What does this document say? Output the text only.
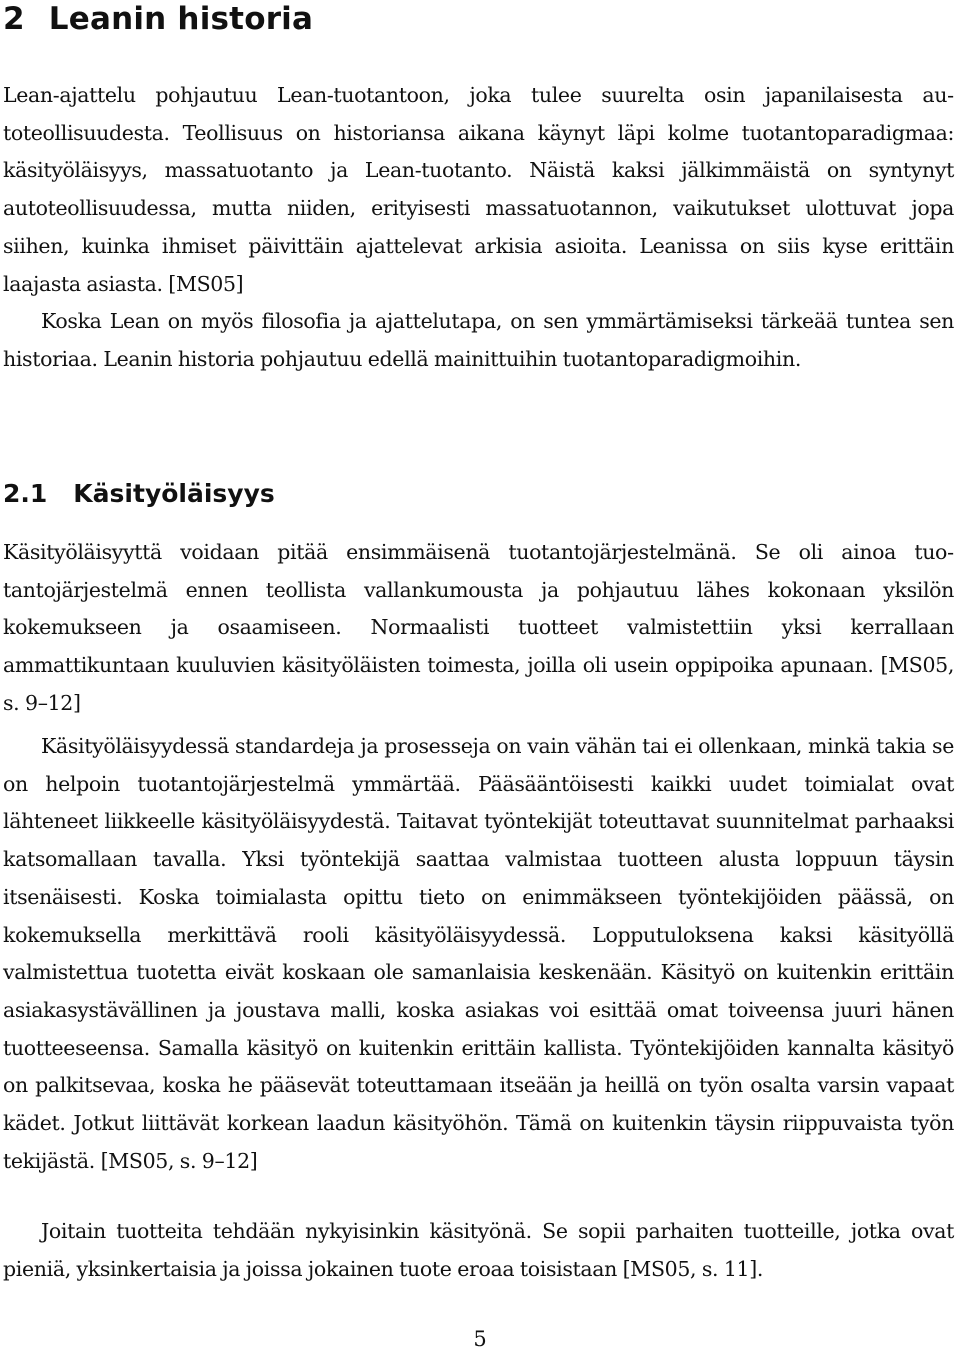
2 Leanin historia

Lean-ajattelu pohjautuu Lean-tuotantoon, joka tulee suurelta osin japanilaisesta autoteollisuudesta. Teollisuus on historiansa aikana käynyt läpi kolme tuotantoparadigmaa: käsityöläisyys, massatuotanto ja Lean-tuotanto. Näistä kaksi jälkimmäistä on syntynyt autoteollisuudessa, mutta niiden, erityisesti massatuotannon, vaikutukset ulottuvat jopa siihen, kuinka ihmiset päivittäin ajattelevat arkisia asioita. Leanissa on siis kyse erittäin laajasta asiasta. [MS05]

Koska Lean on myös filosofia ja ajattelutapa, on sen ymmärtämiseksi tärkeää tuntea sen historiaa. Leanin historia pohjautuu edellä mainittuihin tuotantoparadigmoihin.

2.1 Käsityöläisyys

Käsityöläisyyttä voidaan pitää ensimmäisenä tuotantojärjestelmänä. Se oli ainoa tuotantojärjestelmä ennen teollista vallankumousta ja pohjautuu lähes kokonaan yksilön kokemukseen ja osaamiseen. Normaalisti tuotteet valmistettiin yksi kerrallaan ammattikuntaan kuuluvien käsityöläisten toimesta, joilla oli usein oppipoika apunaan. [MS05, s. 9–12]

Käsityöläisyydessä standardeja ja prosesseja on vain vähän tai ei ollenkaan, minkä takia se on helpoin tuotantojärjestelmä ymmärtää. Pääsääntöisesti kaikki uudet toimialat ovat lähteneet liikkeelle käsityöläisyydestä. Taitavat työntekijät toteuttavat suunnitelmat parhaaksi katsomallaan tavalla. Yksi työntekijä saattaa valmistaa tuotteen alusta loppuun täysin itsenäisesti. Koska toimialasta opittu tieto on enimmäkseen työntekijöiden päässä, on kokemuksella merkittävä rooli käsityöläisyydessä. Lopputuloksena kaksi käsityöllä valmistettua tuotetta eivät koskaan ole samanlaisia keskenään. Käsityö on kuitenkin erittäin asiakasystävällinen ja joustava malli, koska asiakas voi esittää omat toiveensa juuri hänen tuotteeseensa. Samalla käsityö on kuitenkin erittäin kallista. Työntekijöiden kannalta käsityö on palkitsevaa, koska he pääsevät toteuttamaan itseään ja heillä on työn osalta varsin vapaat kädet. Jotkut liittävät korkean laadun käsityöhön. Tämä on kuitenkin täysin riippuvaista työn tekijästä. [MS05, s. 9–12]

Joitain tuotteita tehdään nykyisinkin käsityönä. Se sopii parhaiten tuotteille, jotka ovat pieniä, yksinkertaisia ja joissa jokainen tuote eroaa toisistaan [MS05, s. 11].

5
